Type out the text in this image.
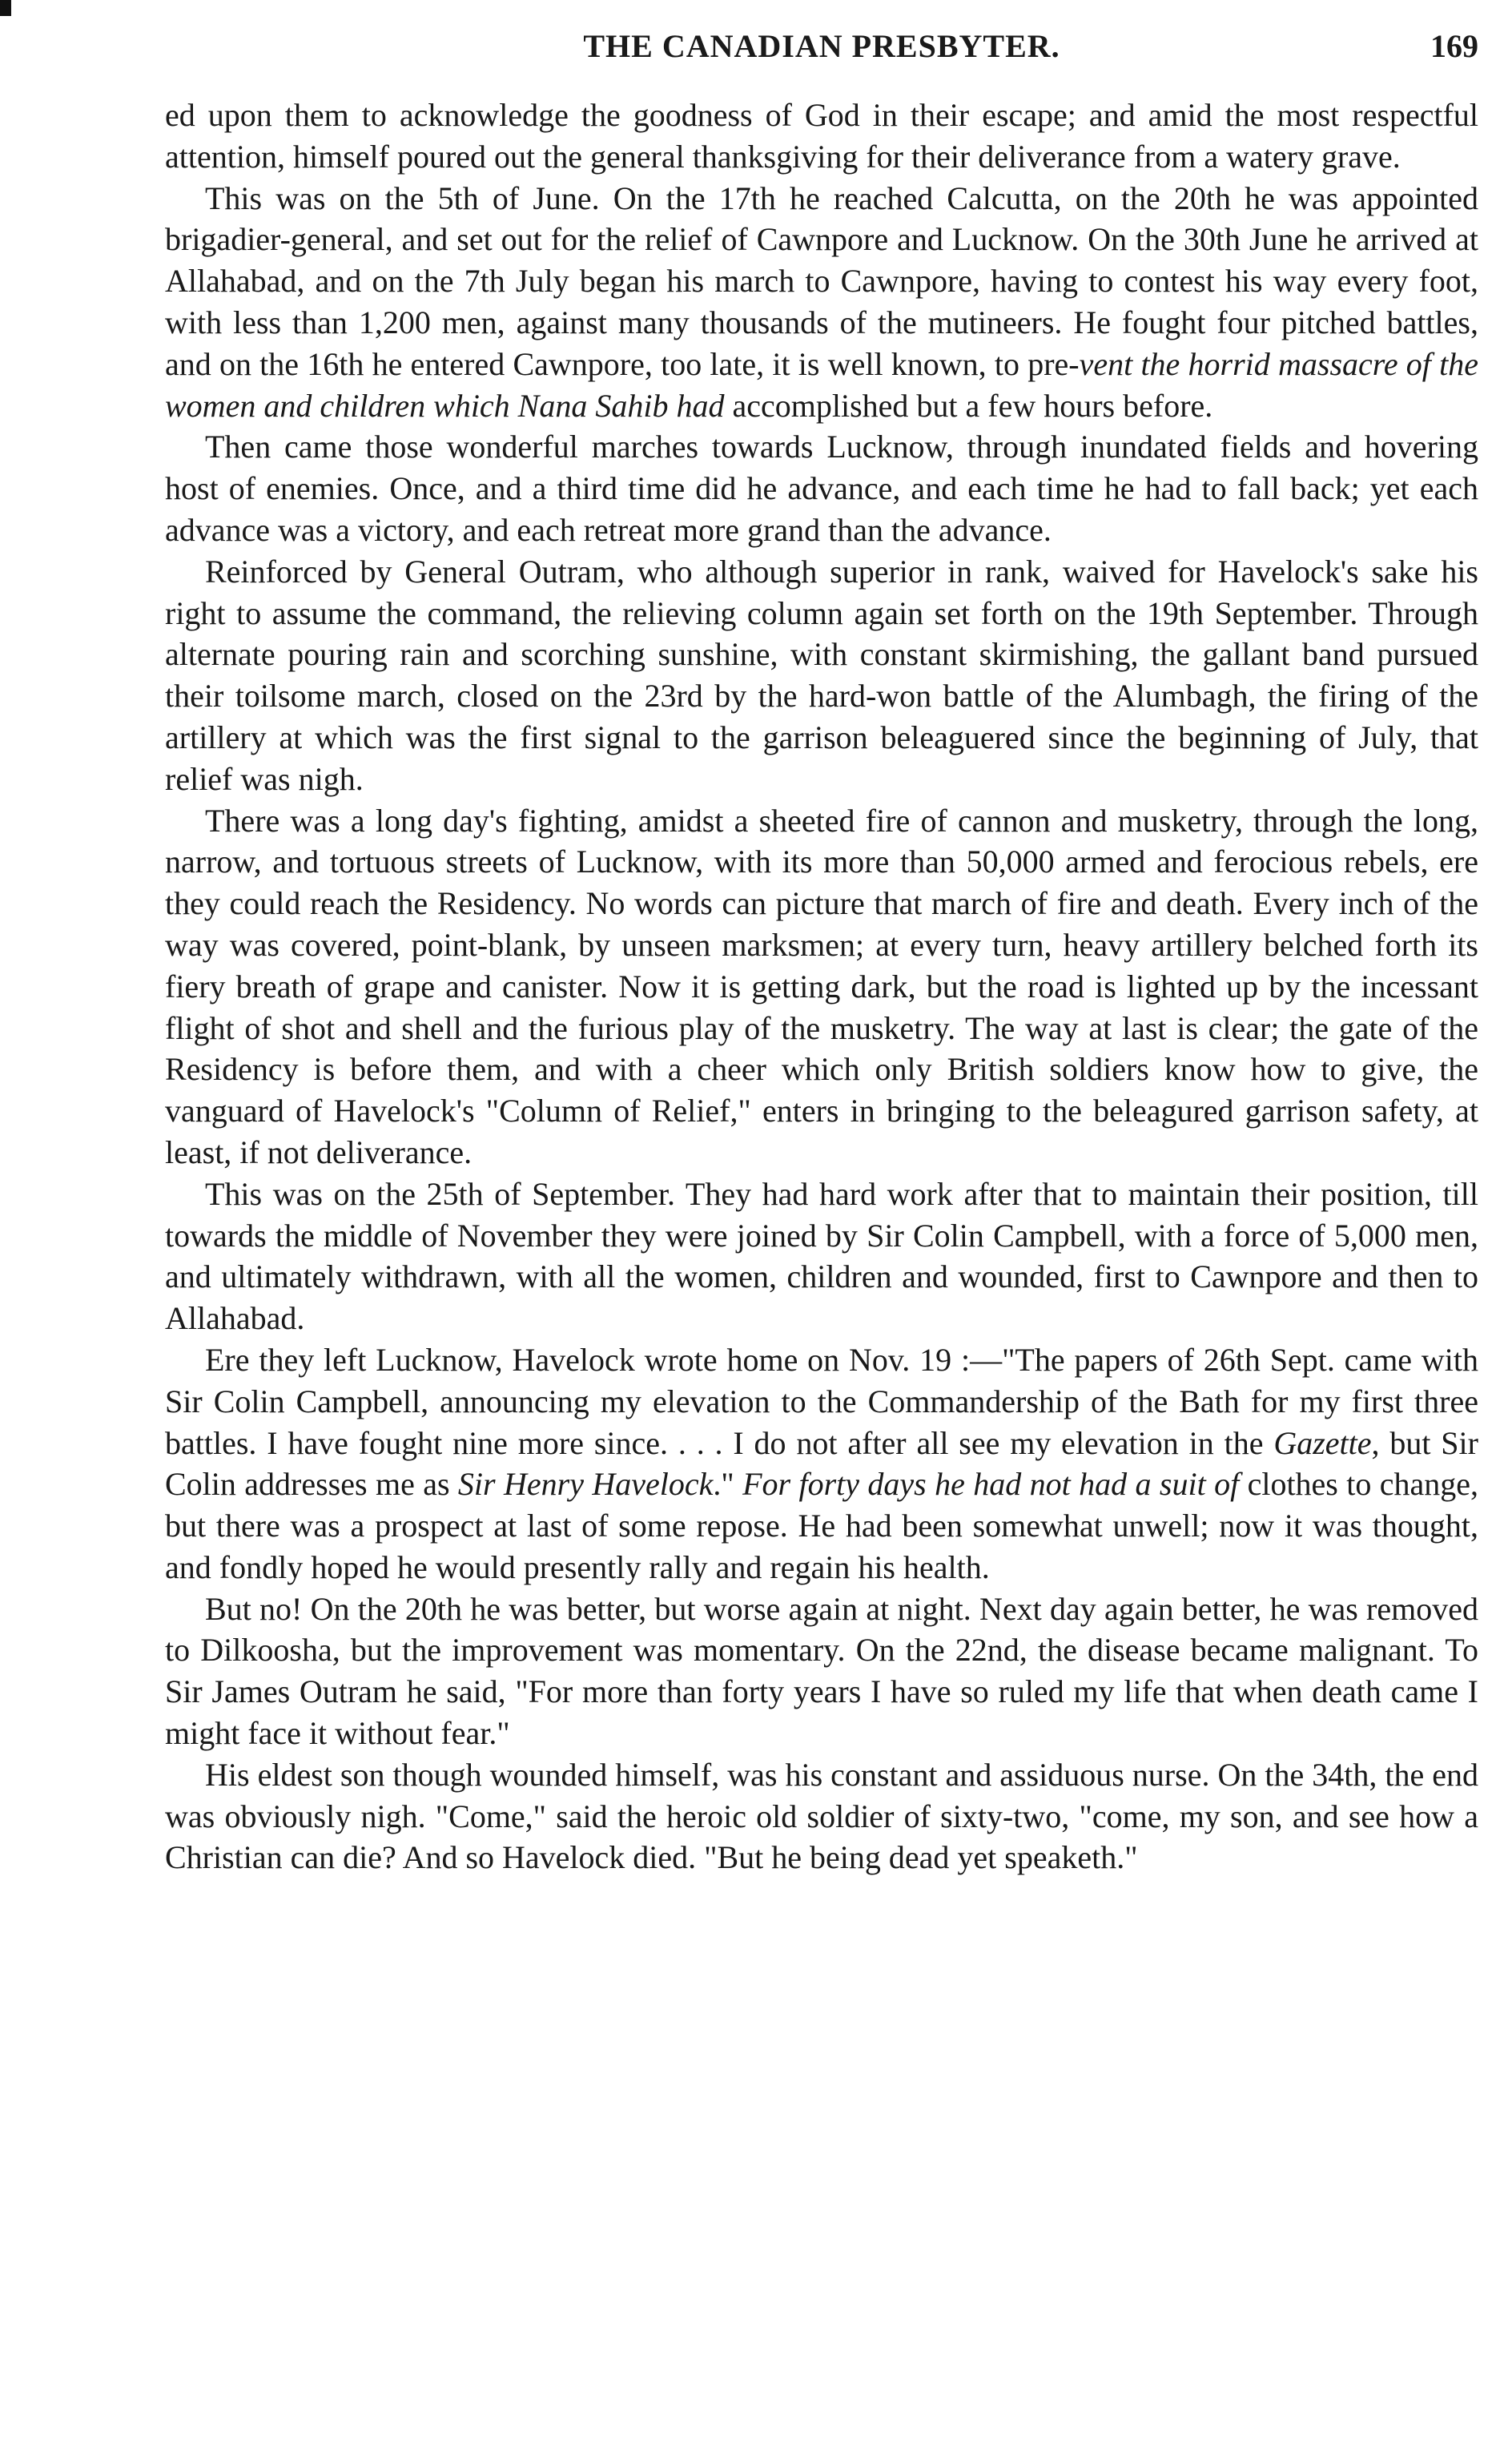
THE CANADIAN PRESBYTER.	169

ed upon them to acknowledge the goodness of God in their escape; and amid the most respectful attention, himself poured out the general thanksgiving for their deliverance from a watery grave.

This was on the 5th of June. On the 17th he reached Calcutta, on the 20th he was appointed brigadier-general, and set out for the relief of Cawnpore and Lucknow. On the 30th June he arrived at Allahabad, and on the 7th July began his march to Cawnpore, having to contest his way every foot, with less than 1,200 men, against many thousands of the mutineers. He fought four pitched battles, and on the 16th he entered Cawnpore, too late, it is well known, to pre-vent the horrid massacre of the women and children which Nana Sahib had accomplished but a few hours before.

Then came those wonderful marches towards Lucknow, through inundated fields and hovering host of enemies. Once, and a third time did he advance, and each time he had to fall back; yet each advance was a victory, and each retreat more grand than the advance.

Reinforced by General Outram, who although superior in rank, waived for Havelock's sake his right to assume the command, the relieving column again set forth on the 19th September. Through alternate pouring rain and scorching sunshine, with constant skirmishing, the gallant band pursued their toilsome march, closed on the 23rd by the hard-won battle of the Alumbagh, the firing of the artillery at which was the first signal to the garrison beleaguered since the beginning of July, that relief was nigh.

There was a long day's fighting, amidst a sheeted fire of cannon and musketry, through the long, narrow, and tortuous streets of Lucknow, with its more than 50,000 armed and ferocious rebels, ere they could reach the Residency. No words can picture that march of fire and death. Every inch of the way was covered, point-blank, by unseen marksmen; at every turn, heavy artillery belched forth its fiery breath of grape and canister. Now it is getting dark, but the road is lighted up by the incessant flight of shot and shell and the furious play of the musketry. The way at last is clear; the gate of the Residency is before them, and with a cheer which only British soldiers know how to give, the vanguard of Havelock's "Column of Relief," enters in bringing to the beleagured garrison safety, at least, if not deliverance.

This was on the 25th of September. They had hard work after that to maintain their position, till towards the middle of November they were joined by Sir Colin Campbell, with a force of 5,000 men, and ultimately withdrawn, with all the women, children and wounded, first to Cawnpore and then to Allahabad.

Ere they left Lucknow, Havelock wrote home on Nov. 19 :—"The papers of 26th Sept. came with Sir Colin Campbell, announcing my elevation to the Commandership of the Bath for my first three battles. I have fought nine more since. . . . I do not after all see my elevation in the Gazette, but Sir Colin addresses me as Sir Henry Havelock." For forty days he had not had a suit of clothes to change, but there was a prospect at last of some repose. He had been somewhat unwell; now it was thought, and fondly hoped he would presently rally and regain his health.

But no! On the 20th he was better, but worse again at night. Next day again better, he was removed to Dilkoosha, but the improvement was momentary. On the 22nd, the disease became malignant. To Sir James Outram he said, "For more than forty years I have so ruled my life that when death came I might face it without fear."

His eldest son though wounded himself, was his constant and assiduous nurse. On the 34th, the end was obviously nigh. "Come," said the heroic old soldier of sixty-two, "come, my son, and see how a Christian can die? And so Havelock died. "But he being dead yet speaketh."
